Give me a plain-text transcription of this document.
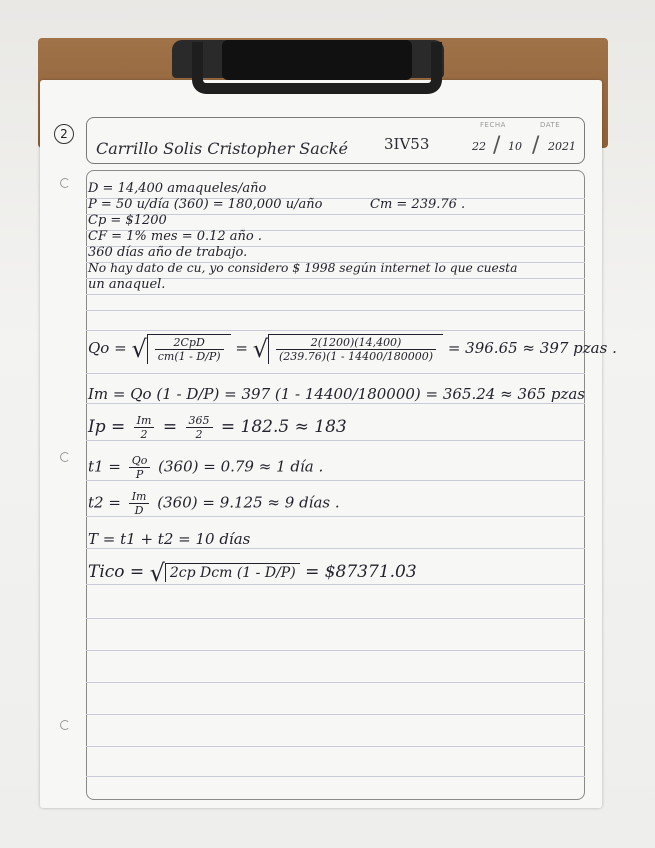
2
Carrillo Solis Cristopher Sacké 3IV53
FECHA	DATE
22 / 10 / 2021
D = 14,400 amaqueles/año
P = 50 u/día (360) = 180,000 u/año	Cm = 239.76 .
Cp = $1200
CF = 1% mes = 0.12 año .
360 días año de trabajo.
No hay dato de cu, yo considero $ 1998 según internet lo que cuesta
un anaquel.
Qo = √ $\frac{\text{2CpD}}{cm(1 - D/P)}$ = √ $\frac{2(1200)(14,400)}{(239.76)(1 - 14400/180000)} = 396.65 \approx 397$ pzas .
Im = Qo (1 - D/P) = 397 (1 - 14400/180000) = 365.24 ≈ 365 pzas
$Ip = \frac{Im}{2} = \frac{365}{2} = 182.5 \approx 183$
$t1 = \frac{Qo}{P} (360) = 0.79 \approx 1$ día .
$t2 = \frac{Im}{D} (360) = 9.125 \approx 9$ días .
T = t1 + t2 = 10 días
Tico = √ 2cp Dcm (1 - D/P) = $87371.03
